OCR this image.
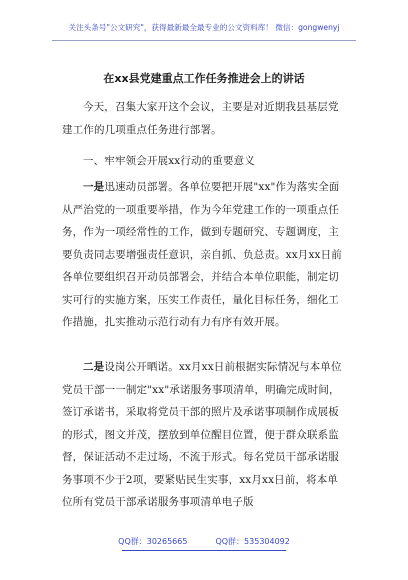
关注头条号"公文研究"，获得最新最全最专业的公文资料库！ 微信：gongwenyj
在xx县党建重点工作任务推进会上的讲话
今天，召集大家开这个会议，主要是对近期我县基层党建工作的几项重点任务进行部署。
一、牢牢领会开展xx行动的重要意义
一是迅速动员部署。各单位要把开展"xx"作为落实全面从严治党的一项重要举措，作为今年党建工作的一项重点任务，作为一项经常性的工作，做到专题研究、专题调度，主要负责同志要增强责任意识，亲自抓、负总责。xx月xx日前各单位要组织召开动员部署会，并结合本单位职能，制定切实可行的实施方案，压实工作责任，量化目标任务，细化工作措施，扎实推动示范行动有力有序有效开展。
二是设岗公开晒诺。xx月xx日前根据实际情况与本单位党员干部一一制定"xx"承诺服务事项清单，明确完成时间，签订承诺书，采取将党员干部的照片及承诺事项制作成展板的形式，图文并茂，摆放到单位醒目位置，便于群众联系监督，保证活动不走过场，不流于形式。每名党员干部承诺服务事项不少于2项，要紧贴民生实事，xx月xx日前，将本单位所有党员干部承诺服务事项清单电子版
QQ群：30265665	QQ群：535304092
